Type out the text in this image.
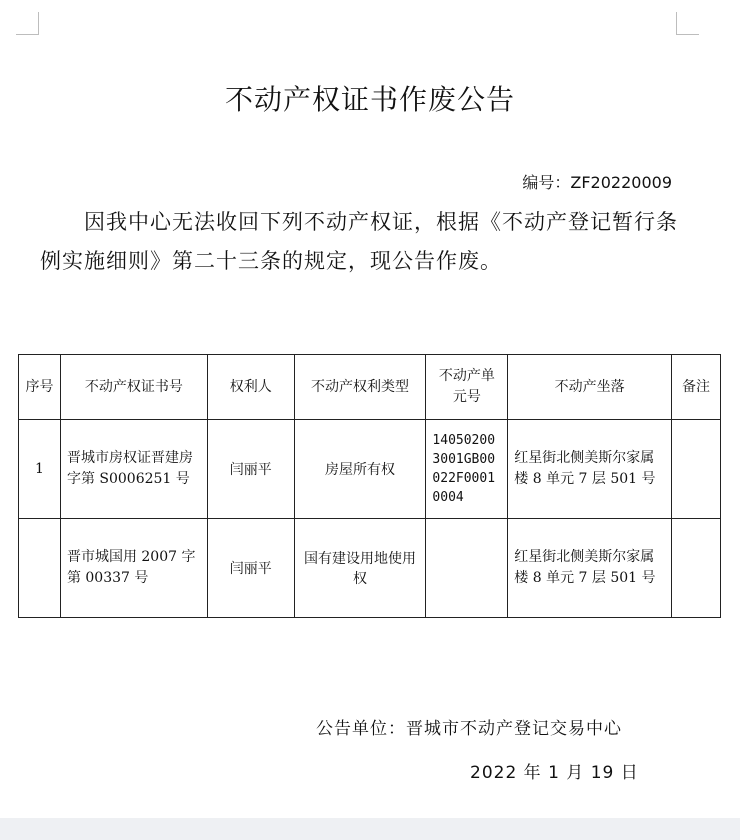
不动产权证书作废公告
编号：ZF20220009
因我中心无法收回下列不动产权证，根据《不动产登记暂行条例实施细则》第二十三条的规定，现公告作废。
序号	不动产权证书号	权利人	不动产权利类型	不动产单元号	不动产坐落	备注
1	晋城市房权证晋建房字第 S0006251 号	闫丽平	房屋所有权	140502003001GB00022F00010004	红星街北侧美斯尔家属楼 8 单元 7 层 501 号	
	晋市城国用 2007 字第 00337 号	闫丽平	国有建设用地使用权		红星街北侧美斯尔家属楼 8 单元 7 层 501 号	
公告单位：晋城市不动产登记交易中心
2022 年 1 月 19 日
